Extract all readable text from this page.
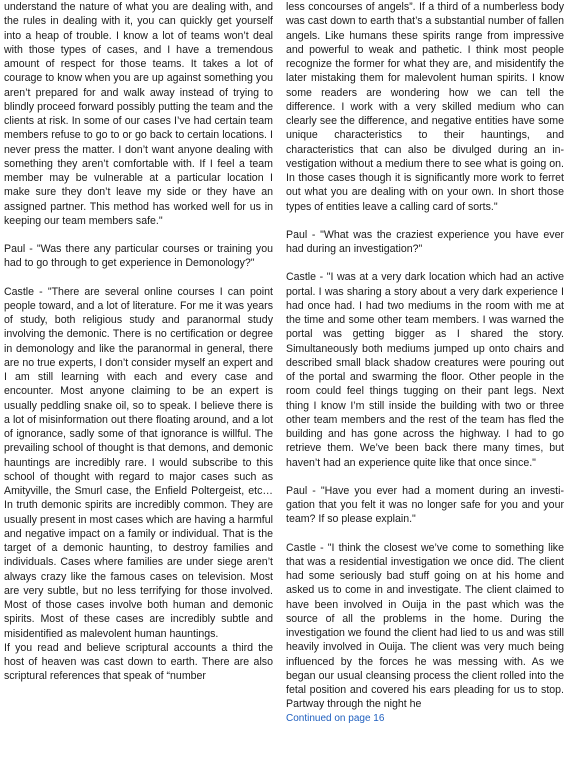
understand the nature of what you are dealing with, and the rules in dealing with it, you can quickly get yourself into a heap of trouble. I know a lot of teams won’t deal with those types of cases, and I have a tremendous amount of respect for those teams. It takes a lot of courage to know when you are up against something you aren’t prepared for and walk away instead of trying to blindly proceed forward possibly putting the team and the clients at risk. In some of our cases I’ve had certain team members refuse to go to or go back to certain locations. I never press the matter. I don’t want anyone dealing with something they aren’t comfortable with. If I feel a team member may be vulnerable at a particular location I make sure they don’t leave my side or they have an assigned partner. This method has worked well for us in keeping our team members safe."

Paul - "Was there any particular courses or training you had to go through to get experience in Demonology?"

Castle - "There are several online courses I can point people toward, and a lot of literature. For me it was years of study, both religious study and paranormal study involving the demonic. There is no certification or degree in demonology and like the paranormal in general, there are no true experts, I don’t consider myself an expert and I am still learning with each and every case and encounter. Most anyone claiming to be an expert is usually peddling snake oil, so to speak. I believe there is a lot of misinformation out there floating around, and a lot of ignorance, sadly some of that ignorance is willful. The prevailing school of thought is that demons, and demonic hauntings are incredibly rare. I would subscribe to this school of thought with regard to major cases such as Amityville, the Smurl case, the Enfield Poltergeist, etc… In truth demonic spirits are incredibly common. They are usually present in most cases which are having a harmful and negative impact on a family or individual. That is the target of a demonic haunting, to destroy families and individuals. Cases where families are under siege aren’t always crazy like the famous cases on television. Most are very subtle, but no less terrifying for those involved. Most of those cases involve both human and demonic spirits. Most of these cases are incredibly subtle and misidentified as malevolent human hauntings.

If you read and believe scriptural accounts a third the host of heaven was cast down to earth. There are also scriptural references that speak of “number

less concourses of angels”. If a third of a numberless body was cast down to earth that’s a substantial number of fallen angels. Like humans these spirits range from impressive and powerful to weak and pathetic. I think most people recognize the former for what they are, and misidentify the later mistaking them for malevolent human spirits. I know some readers are wondering how we can tell the difference. I work with a very skilled medium who can clearly see the difference, and negative entities have some unique characteristics to their hauntings, and characteristics that can also be divulged during an investigation without a medium there to see what is going on. In those cases though it is significantly more work to ferret out what you are dealing with on your own. In short those types of entities leave a calling card of sorts."

Paul - "What was the craziest experience you have ever had during an investigation?"

Castle - "I was at a very dark location which had an active portal. I was sharing a story about a very dark experience I had once had. I had two mediums in the room with me at the time and some other team members. I was warned the portal was getting bigger as I shared the story. Simultaneously both mediums jumped up onto chairs and described small black shadow creatures were pouring out of the portal and swarming the floor. Other people in the room could feel things tugging on their pant legs. Next thing I know I’m still inside the building with two or three other team members and the rest of the team has fled the building and has gone across the highway. I had to go retrieve them. We’ve been back there many times, but haven’t had an experience quite like that once since."

Paul - "Have you ever had a moment during an investigation that you felt it was no longer safe for you and your team? If so please explain."

Castle - "I think the closest we’ve come to something like that was a residential investigation we once did. The client had some seriously bad stuff going on at his home and asked us to come in and investigate. The client claimed to have been involved in Ouija in the past which was the source of all the problems in the home. During the investigation we found the client had lied to us and was still heavily involved in Ouija. The client was very much being influenced by the forces he was messing with. As we began our usual cleansing process the client rolled into the fetal position and covered his ears pleading for us to stop. Partway through the night he

Continued on page 16
